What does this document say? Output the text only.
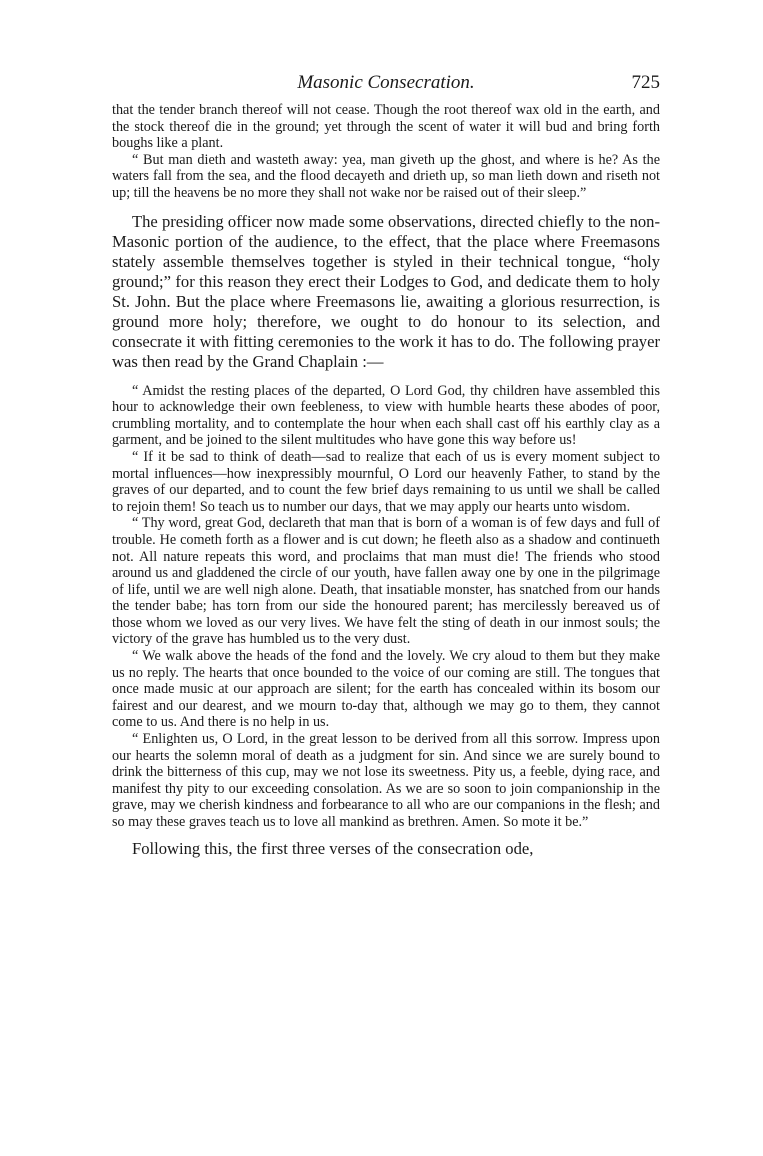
Masonic Consecration.	725

that the tender branch thereof will not cease. Though the root thereof wax old in the earth, and the stock thereof die in the ground; yet through the scent of water it will bud and bring forth boughs like a plant.

“ But man dieth and wasteth away: yea, man giveth up the ghost, and where is he? As the waters fall from the sea, and the flood decayeth and drieth up, so man lieth down and riseth not up; till the heavens be no more they shall not wake nor be raised out of their sleep.”

The presiding officer now made some observations, directed chiefly to the non-Masonic portion of the audience, to the effect, that the place where Freemasons stately assemble themselves together is styled in their technical tongue, “holy ground;” for this reason they erect their Lodges to God, and dedicate them to holy St. John. But the place where Freemasons lie, awaiting a glorious resurrection, is ground more holy; therefore, we ought to do honour to its selection, and consecrate it with fitting ceremonies to the work it has to do. The following prayer was then read by the Grand Chaplain :—

“ Amidst the resting places of the departed, O Lord God, thy children have assembled this hour to acknowledge their own feebleness, to view with humble hearts these abodes of poor, crumbling mortality, and to contemplate the hour when each shall cast off his earthly clay as a garment, and be joined to the silent multitudes who have gone this way before us!

“ If it be sad to think of death—sad to realize that each of us is every moment subject to mortal influences—how inexpressibly mournful, O Lord our heavenly Father, to stand by the graves of our departed, and to count the few brief days remaining to us until we shall be called to rejoin them! So teach us to number our days, that we may apply our hearts unto wisdom.

“ Thy word, great God, declareth that man that is born of a woman is of few days and full of trouble. He cometh forth as a flower and is cut down; he fleeth also as a shadow and continueth not. All nature repeats this word, and proclaims that man must die! The friends who stood around us and gladdened the circle of our youth, have fallen away one by one in the pilgrimage of life, until we are well nigh alone. Death, that insatiable monster, has snatched from our hands the tender babe; has torn from our side the honoured parent; has mercilessly bereaved us of those whom we loved as our very lives. We have felt the sting of death in our inmost souls; the victory of the grave has humbled us to the very dust.

“ We walk above the heads of the fond and the lovely. We cry aloud to them but they make us no reply. The hearts that once bounded to the voice of our coming are still. The tongues that once made music at our approach are silent; for the earth has concealed within its bosom our fairest and our dearest, and we mourn to-day that, although we may go to them, they cannot come to us. And there is no help in us.

“ Enlighten us, O Lord, in the great lesson to be derived from all this sorrow. Impress upon our hearts the solemn moral of death as a judgment for sin. And since we are surely bound to drink the bitterness of this cup, may we not lose its sweetness. Pity us, a feeble, dying race, and manifest thy pity to our exceeding consolation. As we are so soon to join companionship in the grave, may we cherish kindness and forbearance to all who are our companions in the flesh; and so may these graves teach us to love all mankind as brethren. Amen. So mote it be.”

Following this, the first three verses of the consecration ode,
